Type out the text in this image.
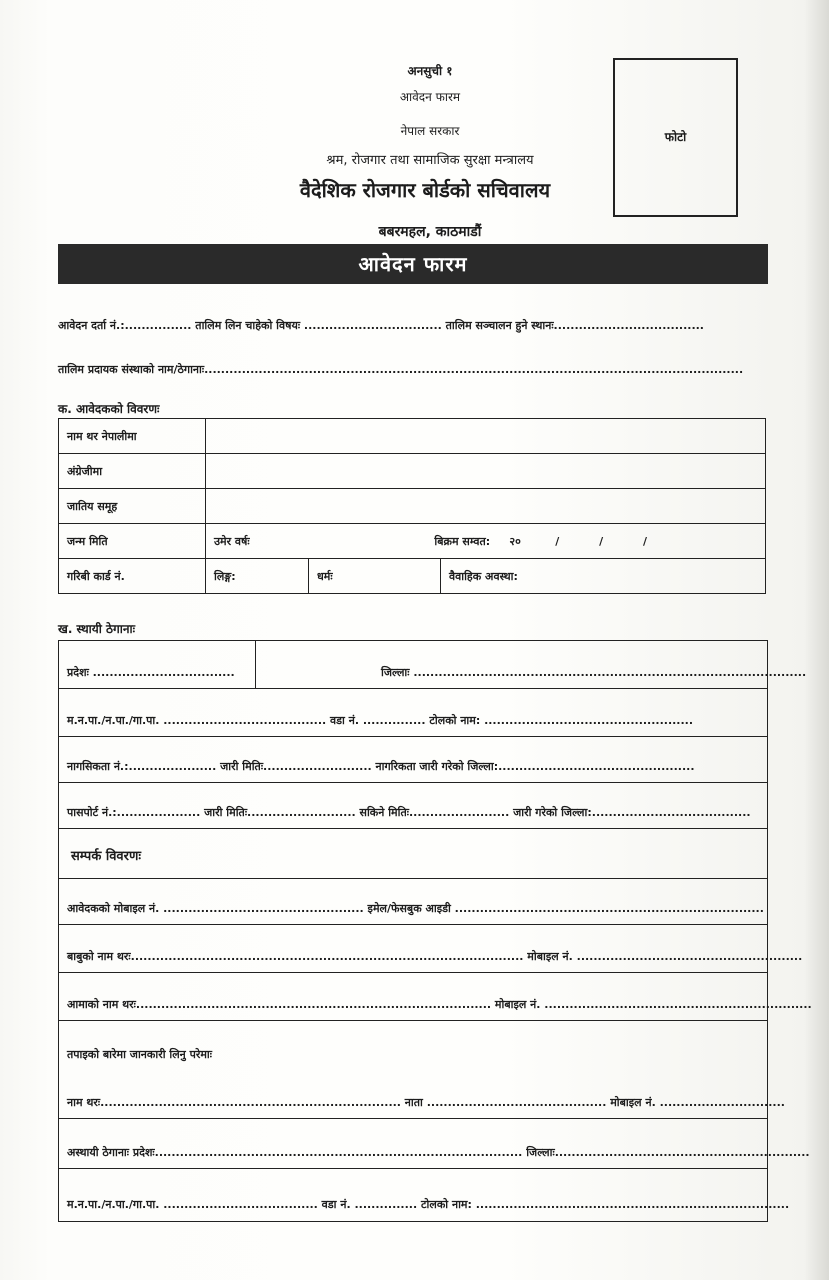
अनसुची १
आवेदन फारम
नेपाल सरकार
श्रम, रोजगार तथा सामाजिक सुरक्षा मन्त्रालय
वैदेशिक रोजगार बोर्डको सचिवालय
बबरमहल, काठमाडौं
फोटो
आवेदन फारम
आवेदन दर्ता नं.:................ तालिम लिन चाहेको विषयः ................................. तालिम सञ्चालन हुने स्थानः....................................
तालिम प्रदायक संस्थाको नाम/ठेगानाः.................................................................................................................................
क. आवेदकको विवरणः
नाम थर नेपालीमा			
अंग्रेजीमा			
जातिय समूह			
जन्म मिति	उमेर वर्षः बिक्रम सम्वत: २० / / /		

गरिबी कार्ड नं.	लिङ्ग:	धर्मः	वैवाहिक अवस्था:
ख. स्थायी ठेगानाः
प्रदेशः ..................................	जिल्लाः ..............................................................................................
म.न.पा./न.पा./गा.पा. ....................................... वडा नं. ............... टोलको नाम: ..................................................
नागसिकता नं.:..................... जारी मितिः.......................... नागरिकता जारी गरेको जिल्ला:...............................................
पासपोर्ट नं.:.................... जारी मितिः.......................... सकिने मितिः........................ जारी गरेको जिल्ला:......................................
सम्पर्क विवरणः
आवेदकको मोबाइल नं. ................................................ इमेल/फेसबुक आइडी ..........................................................................
बाबुको नाम थरः.............................................................................................. मोबाइल नं. ......................................................
आमाको नाम थरः..................................................................................... मोबाइल नं. ................................................................
तपाइको बारेमा जानकारी लिनु परेमाः
नाम थरः........................................................................ नाता ........................................... मोबाइल नं. ..............................
अस्थायी ठेगानाः प्रदेशः........................................................................................ जिल्लाः.............................................................
म.न.पा./न.पा./गा.पा. ..................................... वडा नं. ............... टोलको नाम: ...........................................................................
